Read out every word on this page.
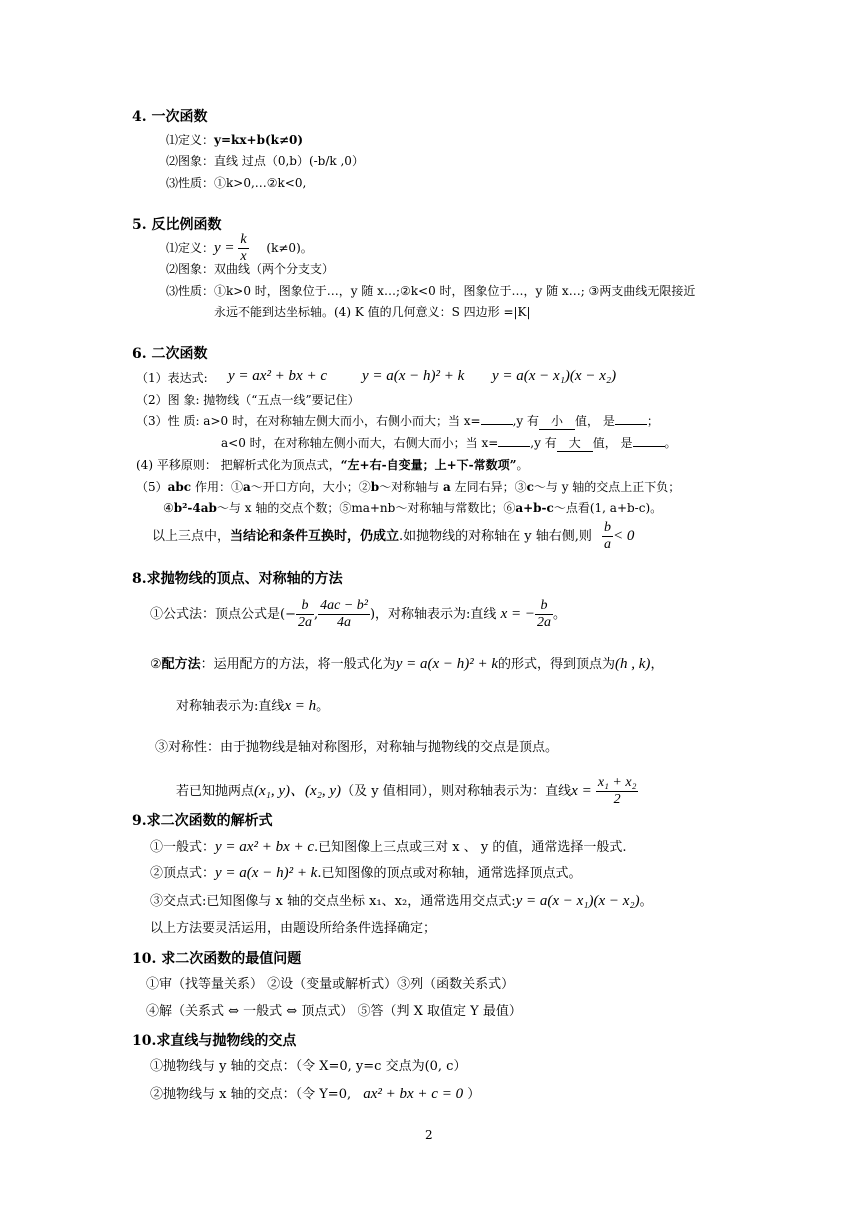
4. 一次函数
⑴定义：y=kx+b(k≠0)
⑵图象：直线 过点（0,b）(-b/k ,0）
⑶性质：①k>0,…②k<0,
5. 反比例函数
⑴定义：$y = \frac{k}{x} (k\ne 0)$。
⑵图象：双曲线（两个分支支）
⑶性质：①k>0 时，图象位于…，y 随 x…;②k<0 时，图象位于…，y 随 x…; ③两支曲线无限接近
永远不能到达坐标轴。(4) K 值的几何意义：S 四边形 =|K|
6. 二次函数
（1）表达式: y = ax² + bx + c y = a(x − h)² + k y = a(x − x₁)(x − x₂)
（2）图 象: 抛物线（“五点一线”要记住）
（3）性 质: a>0 时，在对称轴左侧大而小，右侧小而大；当 x=	,y 有 小 值， 是	；
a<0 时，在对称轴左侧小而大，右侧大而小；当 x=	,y 有 大 值， 是	。
(4) 平移原则： 把解析式化为顶点式，“左+右-自变量；上+下-常数项”。
（5）abc 作用：①a～开口方向，大小；②b～对称轴与 a 左同右异；③c～与 y 轴的交点上正下负；
④b²-4ab～与 x 轴的交点个数；⑤ma+nb～对称轴与常数比；⑥a+b-c～点看(1, a+b-c)。
以上三点中，当结论和条件互换时，仍成立.如抛物线的对称轴在 y 轴右侧,则 $\frac{b}{a} < 0$
8.求抛物线的顶点、对称轴的方法
①公式法：顶点公式是(− $\frac{b}{2a}$ , $\frac{\text{4ac − b²}}{4a}$ )，对称轴表示为:直线 x = − $\frac{b}{2a}$ 。
②配方法：运用配方的方法，将一般式化为y = a(x − h)² + k的形式，得到顶点为(h , k)，
对称轴表示为:直线x = h。
③对称性：由于抛物线是轴对称图形，对称轴与抛物线的交点是顶点。
若已知抛两点(x₁, y)、(x₂, y)（及 y 值相同），则对称轴表示为：直线$x = \frac{\text{x₁ + x₂}}{2}$
9.求二次函数的解析式
①一般式：y = ax² + bx + c.已知图像上三点或三对 x 、 y 的值，通常选择一般式.
②顶点式：y = a(x − h)² + k.已知图像的顶点或对称轴，通常选择顶点式。
③交点式:已知图像与 x 轴的交点坐标 x₁、x₂，通常选用交点式:y = a(x − x₁)(x − x₂)。
以上方法要灵活运用，由题设所给条件选择确定；
10. 求二次函数的最值问题
①审（找等量关系） ②设（变量或解析式）③列（函数关系式）
④解（关系式 ⇔ 一般式 ⇔ 顶点式） ⑤答（判 X 取值定 Y 最值）
10.求直线与抛物线的交点
①抛物线与 y 轴的交点：（令 X=0, y=c 交点为(0, c）
②抛物线与 x 轴的交点：（令 Y=0, ax² + bx + c = 0 ）
2
